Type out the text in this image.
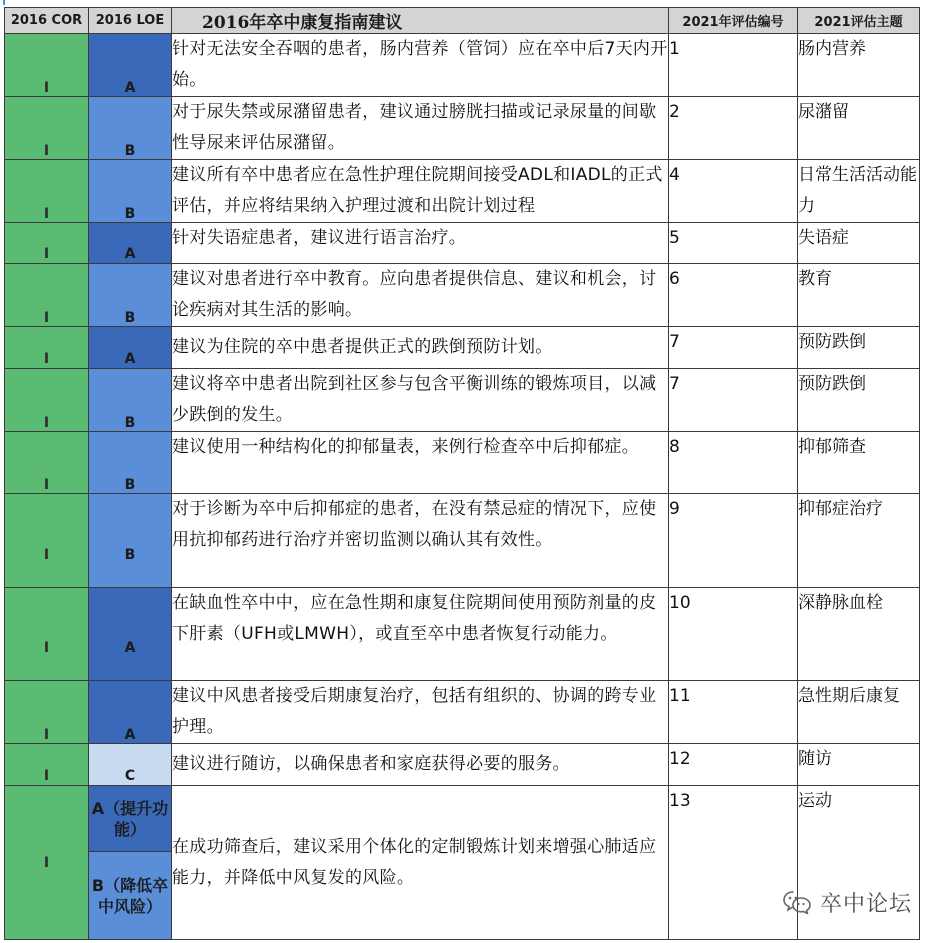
2016 COR	2016 LOE	2016年卒中康复指南建议	2021年评估编号	2021评估主题
I	A	针对无法安全吞咽的患者，肠内营养（管饲）应在卒中后7天内开始。	1	肠内营养
I	B	对于尿失禁或尿潴留患者，建议通过膀胱扫描或记录尿量的间歇性导尿来评估尿潴留。	2	尿潴留
I	B	建议所有卒中患者应在急性护理住院期间接受ADL和IADL的正式评估，并应将结果纳入护理过渡和出院计划过程	4	日常生活活动能力
I	A	针对失语症患者，建议进行语言治疗。	5	失语症
I	B	建议对患者进行卒中教育。应向患者提供信息、建议和机会，讨论疾病对其生活的影响。	6	教育
I	A	建议为住院的卒中患者提供正式的跌倒预防计划。	7	预防跌倒
I	B	建议将卒中患者出院到社区参与包含平衡训练的锻炼项目，以减少跌倒的发生。	7	预防跌倒
I	B	建议使用一种结构化的抑郁量表，来例行检查卒中后抑郁症。	8	抑郁筛查
I	B	对于诊断为卒中后抑郁症的患者，在没有禁忌症的情况下，应使用抗抑郁药进行治疗并密切监测以确认其有效性。	9	抑郁症治疗
I	A	在缺血性卒中中，应在急性期和康复住院期间使用预防剂量的皮下肝素（UFH或LMWH），或直至卒中患者恢复行动能力。	10	深静脉血栓
I	A	建议中风患者接受后期康复治疗，包括有组织的、协调的跨专业护理。	11	急性期后康复
I	C	建议进行随访，以确保患者和家庭获得必要的服务。	12	随访
I	A（提升功能）	在成功筛查后，建议采用个体化的定制锻炼计划来增强心肺适应能力，并降低中风复发的风险。	13	运动
	B（降低卒中风险）				卒中论坛
